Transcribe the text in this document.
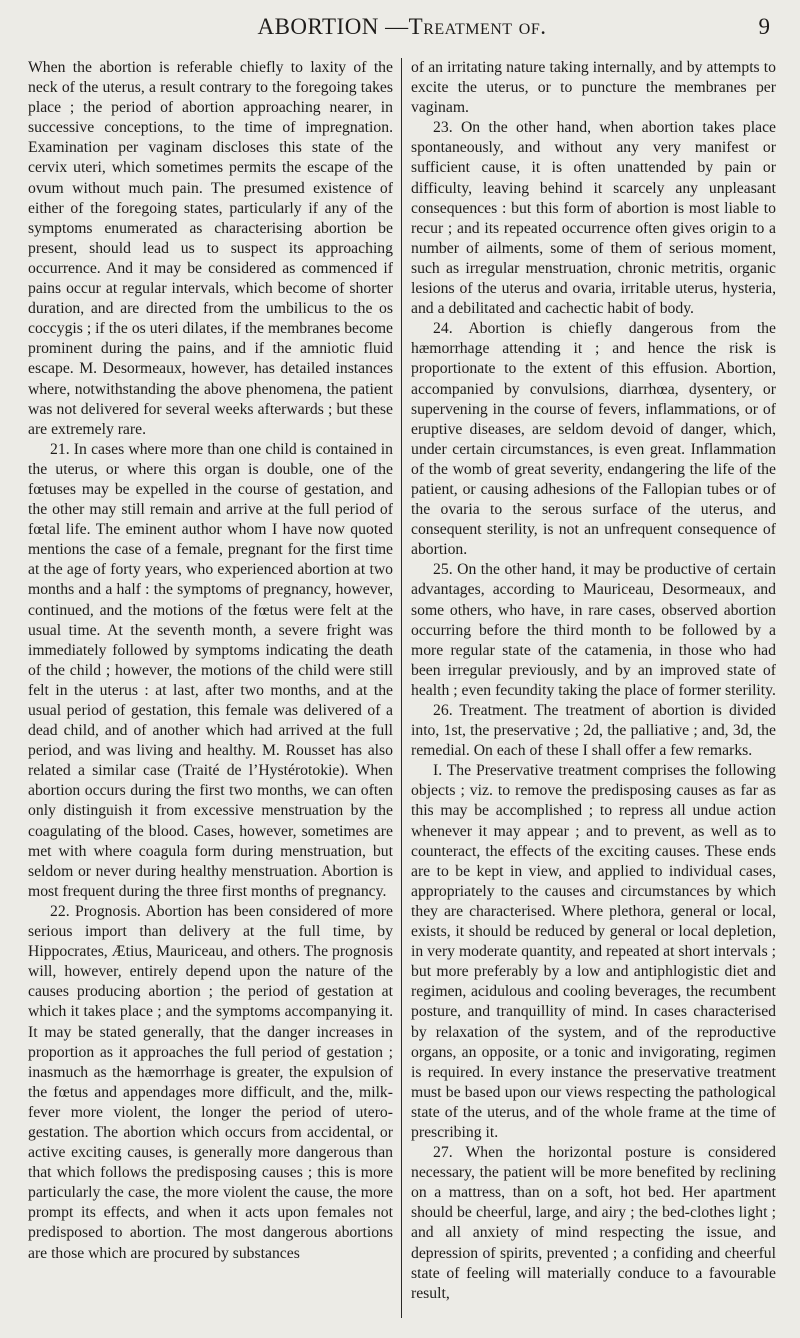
ABORTION —Treatment of.	9

When the abortion is referable chiefly to laxity of the neck of the uterus, a result contrary to the foregoing takes place ; the period of abortion approaching nearer, in successive conceptions, to the time of impregnation. Examination per vaginam discloses this state of the cervix uteri, which sometimes permits the escape of the ovum without much pain. The presumed existence of either of the foregoing states, particularly if any of the symptoms enumerated as characterising abortion be present, should lead us to suspect its approaching occurrence. And it may be considered as commenced if pains occur at regular intervals, which become of shorter duration, and are directed from the umbilicus to the os coccygis ; if the os uteri dilates, if the membranes become prominent during the pains, and if the amniotic fluid escape. M. Desormeaux, however, has detailed instances where, notwithstanding the above phenomena, the patient was not delivered for several weeks afterwards ; but these are extremely rare.

21. In cases where more than one child is contained in the uterus, or where this organ is double, one of the fœtuses may be expelled in the course of gestation, and the other may still remain and arrive at the full period of fœtal life. The eminent author whom I have now quoted mentions the case of a female, pregnant for the first time at the age of forty years, who experienced abortion at two months and a half : the symptoms of pregnancy, however, continued, and the motions of the fœtus were felt at the usual time. At the seventh month, a severe fright was immediately followed by symptoms indicating the death of the child ; however, the motions of the child were still felt in the uterus : at last, after two months, and at the usual period of gestation, this female was delivered of a dead child, and of another which had arrived at the full period, and was living and healthy. M. Rousset has also related a similar case (Traité de l’Hystérotokie). When abortion occurs during the first two months, we can often only distinguish it from excessive menstruation by the coagulating of the blood. Cases, however, sometimes are met with where coagula form during menstruation, but seldom or never during healthy menstruation. Abortion is most frequent during the three first months of pregnancy.

22. Prognosis. Abortion has been considered of more serious import than delivery at the full time, by Hippocrates, Ætius, Mauriceau, and others. The prognosis will, however, entirely depend upon the nature of the causes producing abortion ; the period of gestation at which it takes place ; and the symptoms accompanying it. It may be stated generally, that the danger increases in proportion as it approaches the full period of gestation ; inasmuch as the hæmorrhage is greater, the expulsion of the fœtus and appendages more difficult, and the, milk-fever more violent, the longer the period of utero-gestation. The abortion which occurs from accidental, or active exciting causes, is generally more dangerous than that which follows the predisposing causes ; this is more particularly the case, the more violent the cause, the more prompt its effects, and when it acts upon females not predisposed to abortion. The most dangerous abortions are those which are procured by substances

of an irritating nature taking internally, and by attempts to excite the uterus, or to puncture the membranes per vaginam.

23. On the other hand, when abortion takes place spontaneously, and without any very manifest or sufficient cause, it is often unattended by pain or difficulty, leaving behind it scarcely any unpleasant consequences : but this form of abortion is most liable to recur ; and its repeated occurrence often gives origin to a number of ailments, some of them of serious moment, such as irregular menstruation, chronic metritis, organic lesions of the uterus and ovaria, irritable uterus, hysteria, and a debilitated and cachectic habit of body.

24. Abortion is chiefly dangerous from the hæmorrhage attending it ; and hence the risk is proportionate to the extent of this effusion. Abortion, accompanied by convulsions, diarrhœa, dysentery, or supervening in the course of fevers, inflammations, or of eruptive diseases, are seldom devoid of danger, which, under certain circumstances, is even great. Inflammation of the womb of great severity, endangering the life of the patient, or causing adhesions of the Fallopian tubes or of the ovaria to the serous surface of the uterus, and consequent sterility, is not an unfrequent consequence of abortion.

25. On the other hand, it may be productive of certain advantages, according to Mauriceau, Desormeaux, and some others, who have, in rare cases, observed abortion occurring before the third month to be followed by a more regular state of the catamenia, in those who had been irregular previously, and by an improved state of health ; even fecundity taking the place of former sterility.

26. Treatment. The treatment of abortion is divided into, 1st, the preservative ; 2d, the palliative ; and, 3d, the remedial. On each of these I shall offer a few remarks.

I. The Preservative treatment comprises the following objects ; viz. to remove the predisposing causes as far as this may be accomplished ; to repress all undue action whenever it may appear ; and to prevent, as well as to counteract, the effects of the exciting causes. These ends are to be kept in view, and applied to individual cases, appropriately to the causes and circumstances by which they are characterised. Where plethora, general or local, exists, it should be reduced by general or local depletion, in very moderate quantity, and repeated at short intervals ; but more preferably by a low and antiphlogistic diet and regimen, acidulous and cooling beverages, the recumbent posture, and tranquillity of mind. In cases characterised by relaxation of the system, and of the reproductive organs, an opposite, or a tonic and invigorating, regimen is required. In every instance the preservative treatment must be based upon our views respecting the pathological state of the uterus, and of the whole frame at the time of prescribing it.

27. When the horizontal posture is considered necessary, the patient will be more benefited by reclining on a mattress, than on a soft, hot bed. Her apartment should be cheerful, large, and airy ; the bed-clothes light ; and all anxiety of mind respecting the issue, and depression of spirits, prevented ; a confiding and cheerful state of feeling will materially conduce to a favourable result,
